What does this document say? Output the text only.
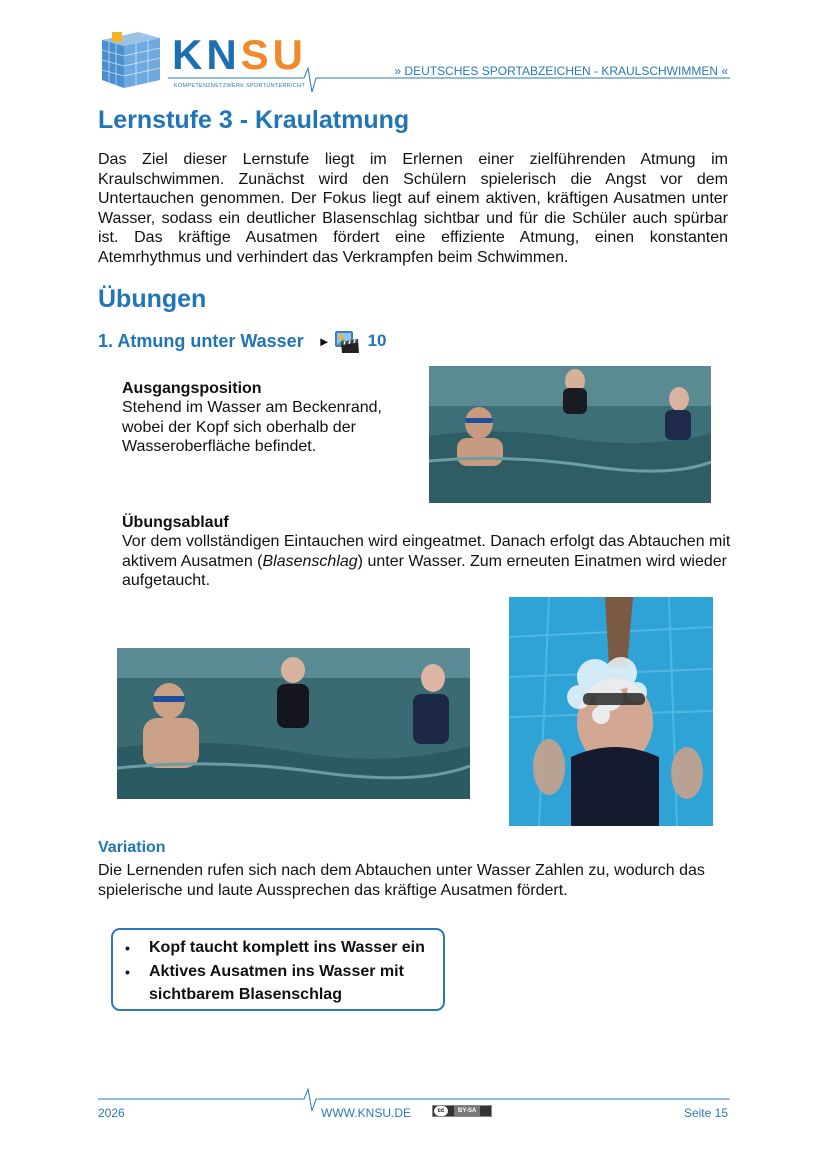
KNSU
KOMPETENZNETZWERK SPORTUNTERRICHT
» DEUTSCHES SPORTABZEICHEN - KRAULSCHWIMMEN «
Lernstufe 3 - Kraulatmung
Das Ziel dieser Lernstufe liegt im Erlernen einer zielführenden Atmung im Kraulschwimmen. Zunächst wird den Schülern spielerisch die Angst vor dem Untertauchen genommen. Der Fokus liegt auf einem aktiven, kräftigen Ausatmen unter Wasser, sodass ein deutlicher Blasenschlag sichtbar und für die Schüler auch spürbar ist. Das kräftige Ausatmen fördert eine effiziente Atmung, einen konstanten Atemrhythmus und verhindert das Verkrampfen beim Schwimmen.
Übungen
1. Atmung unter Wasser ► 10
Ausgangsposition
Stehend im Wasser am Beckenrand, wobei der Kopf sich oberhalb der Wasseroberfläche befindet.
Übungsablauf
Vor dem vollständigen Eintauchen wird eingeatmet. Danach erfolgt das Abtauchen mit aktivem Ausatmen (Blasenschlag) unter Wasser. Zum erneuten Einatmen wird wieder aufgetaucht.
Variation
Die Lernenden rufen sich nach dem Abtauchen unter Wasser Zahlen zu, wodurch das spielerische und laute Aussprechen das kräftige Ausatmen fördert.
•	Kopf taucht komplett ins Wasser ein
•	Aktives Ausatmen ins Wasser mit sichtbarem Blasenschlag
2026	WWW.KNSU.DE	cc	BY-SA	Seite 15
